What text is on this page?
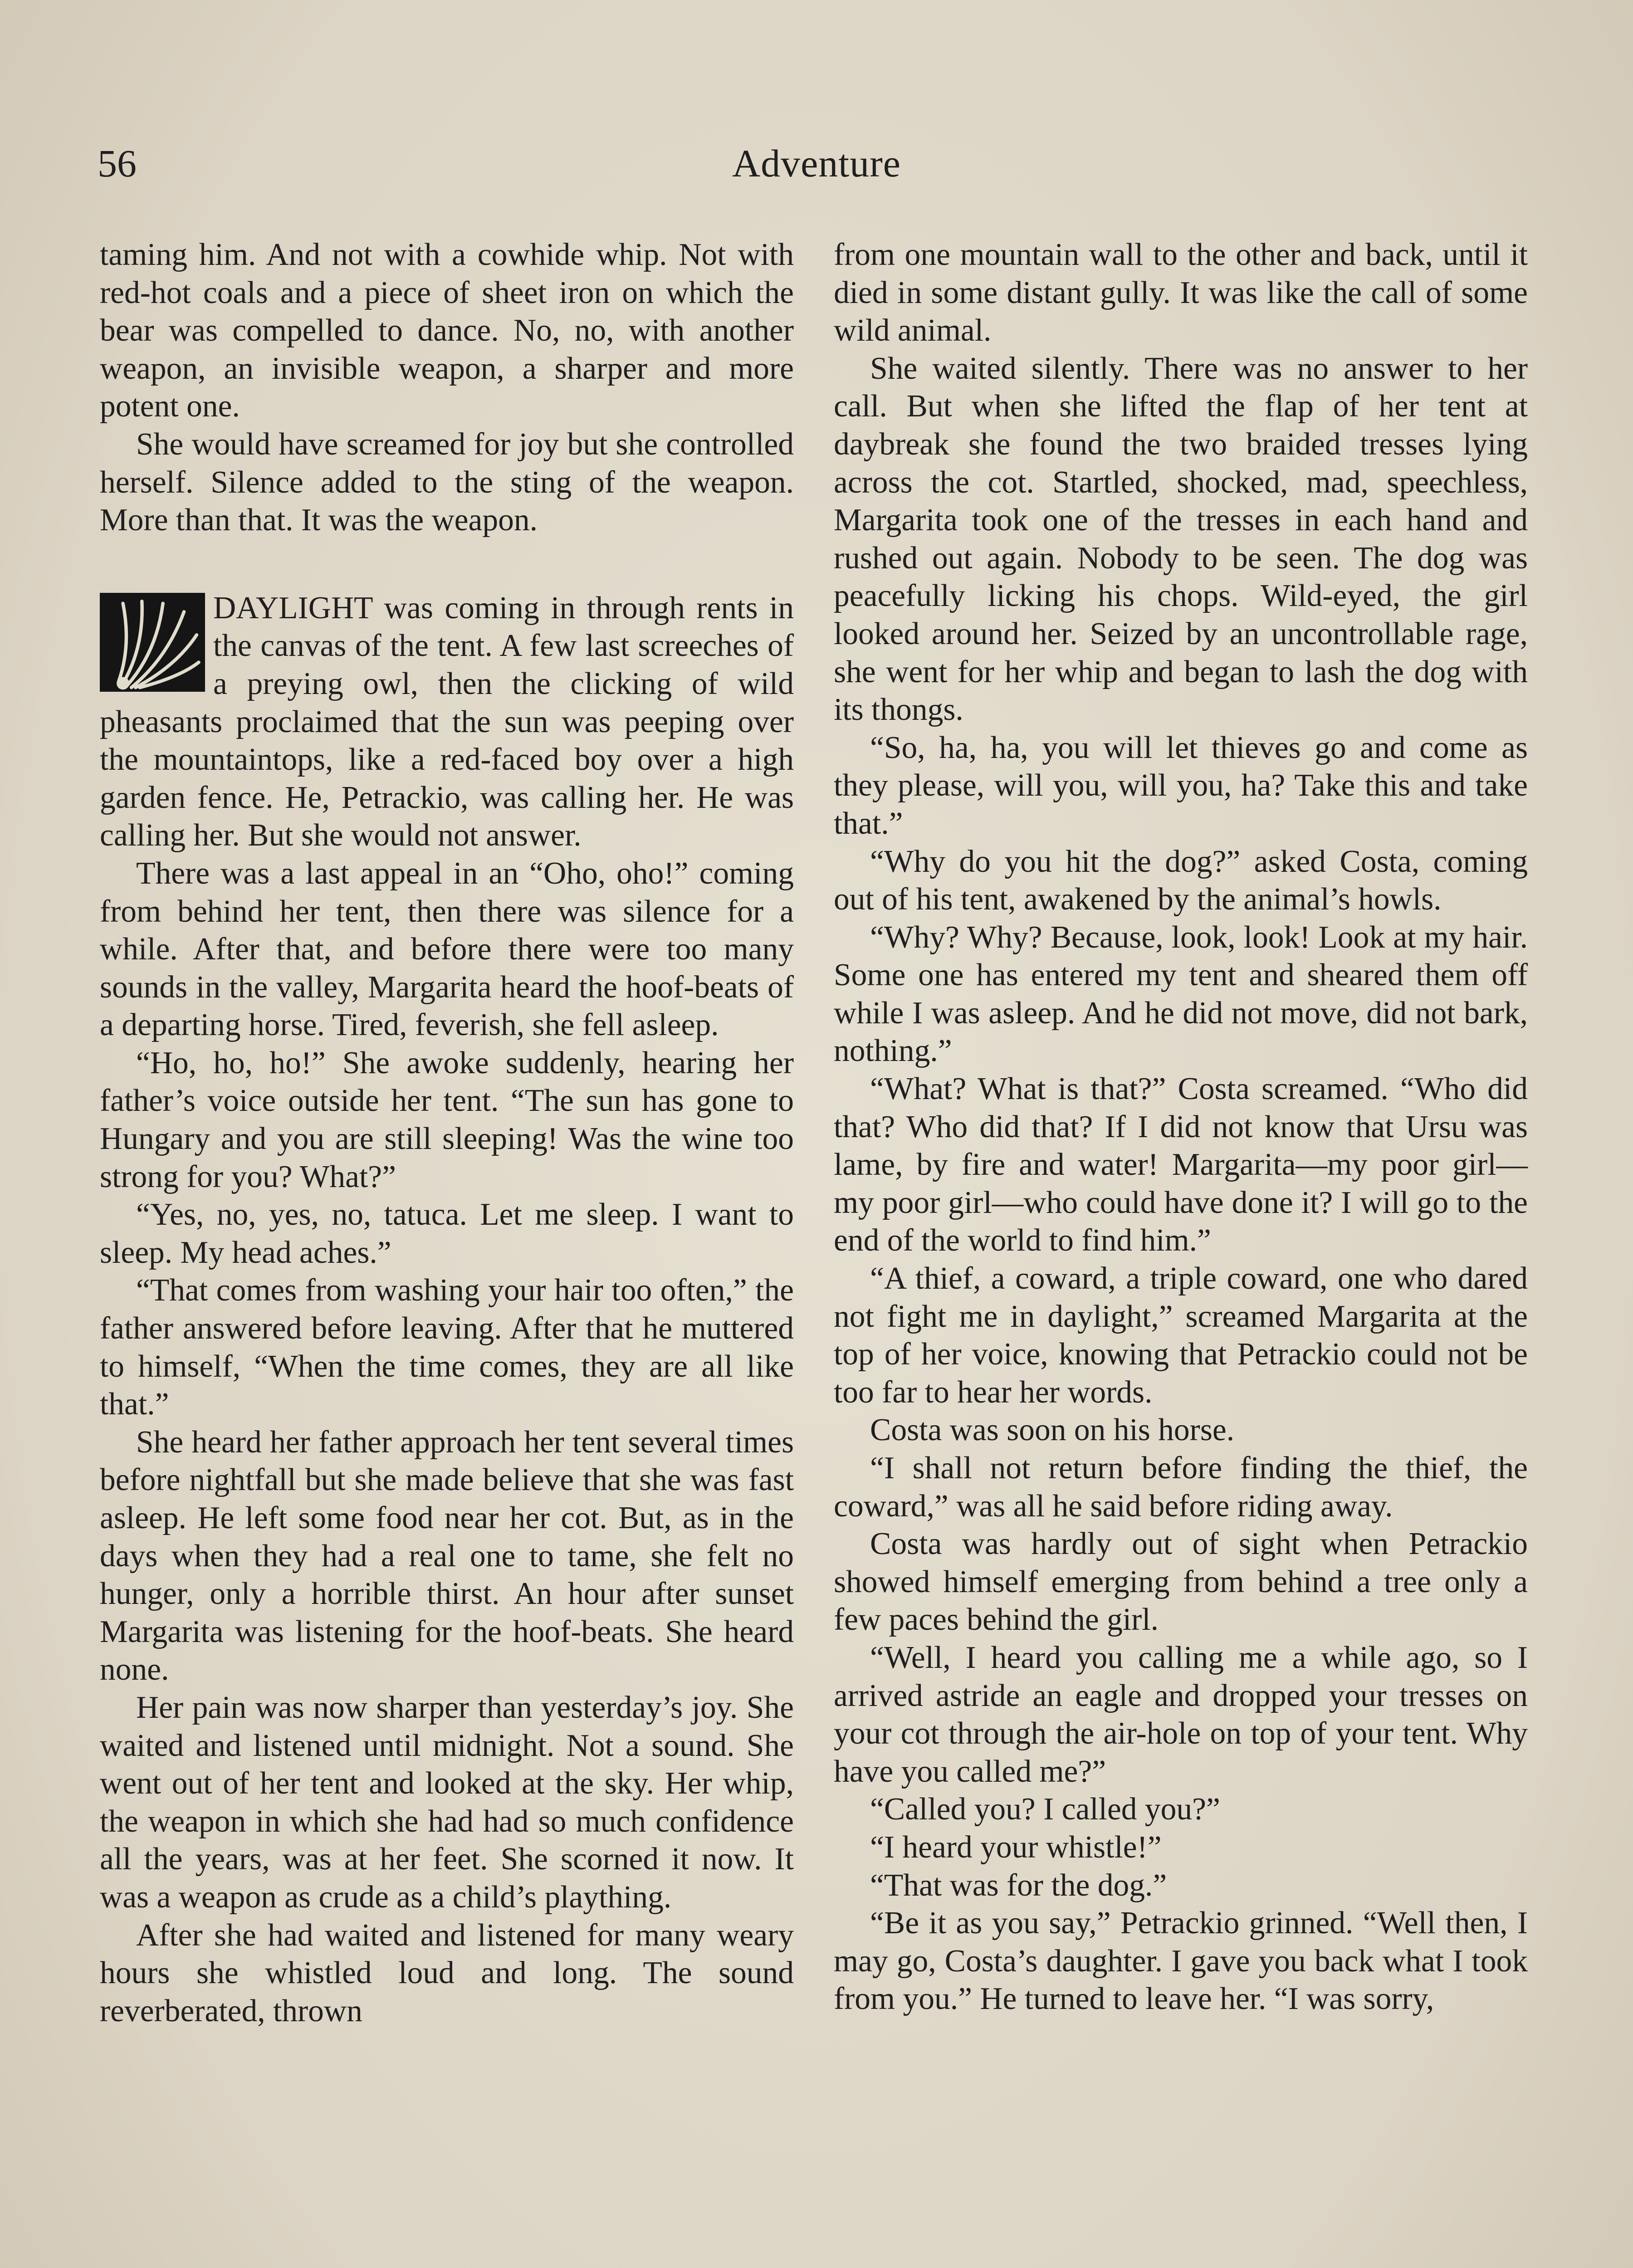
56	Adventure

taming him. And not with a cowhide whip. Not with red-hot coals and a piece of sheet iron on which the bear was compelled to dance. No, no, with another weapon, an invisible weapon, a sharper and more potent one.

She would have screamed for joy but she controlled herself. Silence added to the sting of the weapon. More than that. It was the weapon.

DAYLIGHT was coming in through rents in the canvas of the tent. A few last screeches of a preying owl, then the clicking of wild pheasants proclaimed that the sun was peeping over the mountaintops, like a red-faced boy over a high garden fence. He, Petrackio, was calling her. He was calling her. But she would not answer.

There was a last appeal in an “Oho, oho!” coming from behind her tent, then there was silence for a while. After that, and before there were too many sounds in the valley, Margarita heard the hoof-beats of a departing horse. Tired, feverish, she fell asleep.

“Ho, ho, ho!” She awoke suddenly, hearing her father’s voice outside her tent. “The sun has gone to Hungary and you are still sleeping! Was the wine too strong for you? What?”

“Yes, no, yes, no, tatuca. Let me sleep. I want to sleep. My head aches.”

“That comes from washing your hair too often,” the father answered before leaving. After that he muttered to himself, “When the time comes, they are all like that.”

She heard her father approach her tent several times before nightfall but she made believe that she was fast asleep. He left some food near her cot. But, as in the days when they had a real one to tame, she felt no hunger, only a horrible thirst. An hour after sunset Margarita was listening for the hoof-beats. She heard none.

Her pain was now sharper than yesterday’s joy. She waited and listened until midnight. Not a sound. She went out of her tent and looked at the sky. Her whip, the weapon in which she had had so much confidence all the years, was at her feet. She scorned it now. It was a weapon as crude as a child’s plaything.

After she had waited and listened for many weary hours she whistled loud and long. The sound reverberated, thrown

from one mountain wall to the other and back, until it died in some distant gully. It was like the call of some wild animal.

She waited silently. There was no answer to her call. But when she lifted the flap of her tent at daybreak she found the two braided tresses lying across the cot. Startled, shocked, mad, speechless, Margarita took one of the tresses in each hand and rushed out again. Nobody to be seen. The dog was peacefully licking his chops. Wild-eyed, the girl looked around her. Seized by an uncontrollable rage, she went for her whip and began to lash the dog with its thongs.

“So, ha, ha, you will let thieves go and come as they please, will you, will you, ha? Take this and take that.”

“Why do you hit the dog?” asked Costa, coming out of his tent, awakened by the animal’s howls.

“Why? Why? Because, look, look! Look at my hair. Some one has entered my tent and sheared them off while I was asleep. And he did not move, did not bark, nothing.”

“What? What is that?” Costa screamed. “Who did that? Who did that? If I did not know that Ursu was lame, by fire and water! Margarita—my poor girl—my poor girl—who could have done it? I will go to the end of the world to find him.”

“A thief, a coward, a triple coward, one who dared not fight me in daylight,” screamed Margarita at the top of her voice, knowing that Petrackio could not be too far to hear her words.

Costa was soon on his horse.

“I shall not return before finding the thief, the coward,” was all he said before riding away.

Costa was hardly out of sight when Petrackio showed himself emerging from behind a tree only a few paces behind the girl.

“Well, I heard you calling me a while ago, so I arrived astride an eagle and dropped your tresses on your cot through the air-hole on top of your tent. Why have you called me?”

“Called you? I called you?”

“I heard your whistle!”

“That was for the dog.”

“Be it as you say,” Petrackio grinned. “Well then, I may go, Costa’s daughter. I gave you back what I took from you.” He turned to leave her. “I was sorry,
